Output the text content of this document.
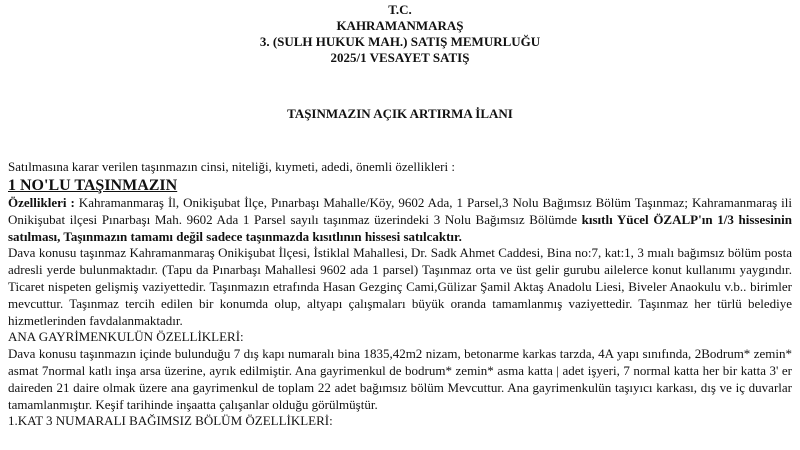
T.C.
KAHRAMANMARAŞ
3. (SULH HUKUK MAH.) SATIŞ MEMURLUĞU
2025/1 VESAYET SATIŞ
TAŞINMAZIN AÇIK ARTIRMA İLANI
Satılmasına karar verilen taşınmazın cinsi, niteliği, kıymeti, adedi, önemli özellikleri :
1 NO'LU TAŞINMAZIN
Özellikleri : Kahramanmaraş İl, Onikişubat İlçe, Pınarbaşı Mahalle/Köy, 9602 Ada, 1 Parsel,3 Nolu Bağımsız Bölüm Taşınmaz; Kahramanmaraş ili Onikişubat ilçesi Pınarbaşı Mah. 9602 Ada 1 Parsel sayılı taşınmaz üzerindeki 3 Nolu Bağımsız Bölümde kısıtlı Yücel ÖZALP'ın 1/3 hissesinin satılması, Taşınmazın tamamı değil sadece taşınmazda kısıtlının hissesi satılcaktır.
Dava konusu taşınmaz Kahramanmaraş Onikişubat İlçesi, İstiklal Mahallesi, Dr. Sadk Ahmet Caddesi, Bina no:7, kat:1, 3 mıalı bağımsız bölüm posta adresli yerde bulunmaktadır. (Tapu da Pınarbaşı Mahallesi 9602 ada 1 parsel) Taşınmaz orta ve üst gelir gurubu ailelerce konut kullanımı yaygındır. Ticaret nispeten gelişmiş vaziyettedir. Taşınmazın etrafında Hasan Gezginç Cami,Gülizar Şamil Aktaş Anadolu Liesi, Biveler Anaokulu v.b.. birimler mevcuttur. Taşınmaz tercih edilen bir konumda olup, altyapı çalışmaları büyük oranda tamamlanmış vaziyettedir. Taşınmaz her türlü belediye hizmetlerinden favdalanmaktadır.
ANA GAYRİMENKULÜN ÖZELLİKLERİ:
Dava konusu taşınmazın içinde bulunduğu 7 dış kapı numaralı bina 1835,42m2 nizam, betonarme karkas tarzda, 4A yapı sınıfında, 2Bodrum* zemin* asmat 7normal katlı inşa arsa üzerine, ayrık edilmiştir. Ana gayrimenkul de bodrum* zemin* asma katta | adet işyeri, 7 normal katta her bir katta 3' er daireden 21 daire olmak üzere ana gayrimenkul de toplam 22 adet bağımsız bölüm Mevcuttur. Ana gayrimenkulün taşıyıcı karkası, dış ve iç duvarlar tamamlanmıştır. Keşif tarihinde inşaatta çalışanlar olduğu görülmüştür.
1.KAT 3 NUMARALI BAĞIMSIZ BÖLÜM ÖZELLİKLERİ:
